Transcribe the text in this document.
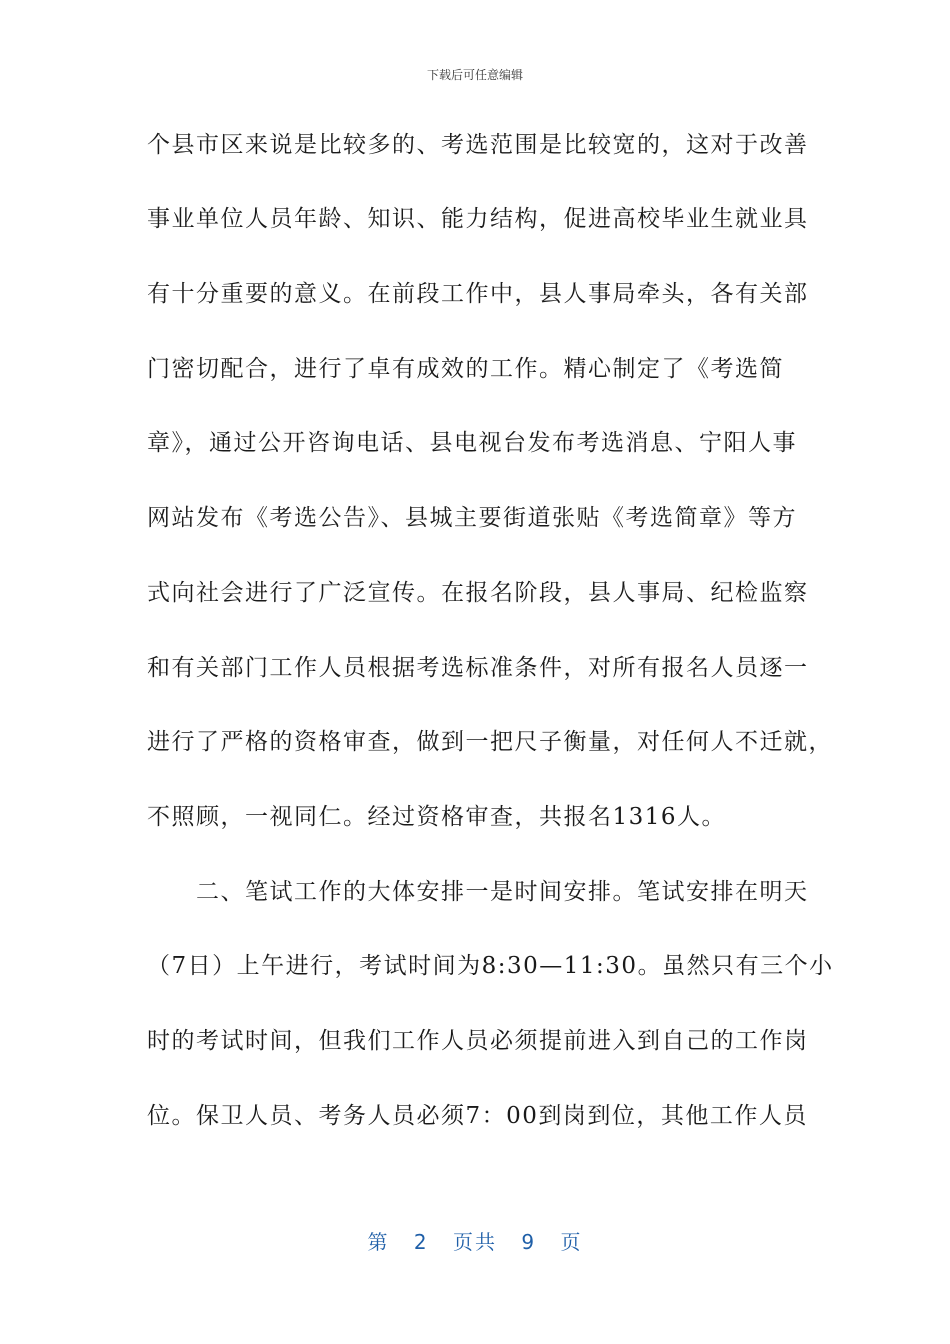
下载后可任意编辑
个县市区来说是比较多的、考选范围是比较宽的，这对于改善
事业单位人员年龄、知识、能力结构，促进高校毕业生就业具
有十分重要的意义。在前段工作中，县人事局牵头，各有关部
门密切配合，进行了卓有成效的工作。精心制定了《考选简
章》，通过公开咨询电话、县电视台发布考选消息、宁阳人事
网站发布《考选公告》、县城主要街道张贴《考选简章》等方
式向社会进行了广泛宣传。在报名阶段，县人事局、纪检监察
和有关部门工作人员根据考选标准条件，对所有报名人员逐一
进行了严格的资格审查，做到一把尺子衡量，对任何人不迁就，
不照顾，一视同仁。经过资格审查，共报名1316人。
　　二、笔试工作的大体安排一是时间安排。笔试安排在明天
（7日）上午进行，考试时间为8:30—11:30。虽然只有三个小
时的考试时间，但我们工作人员必须提前进入到自己的工作岗
位。保卫人员、考务人员必须7：00到岗到位，其他工作人员
第 2 页共 9 页
